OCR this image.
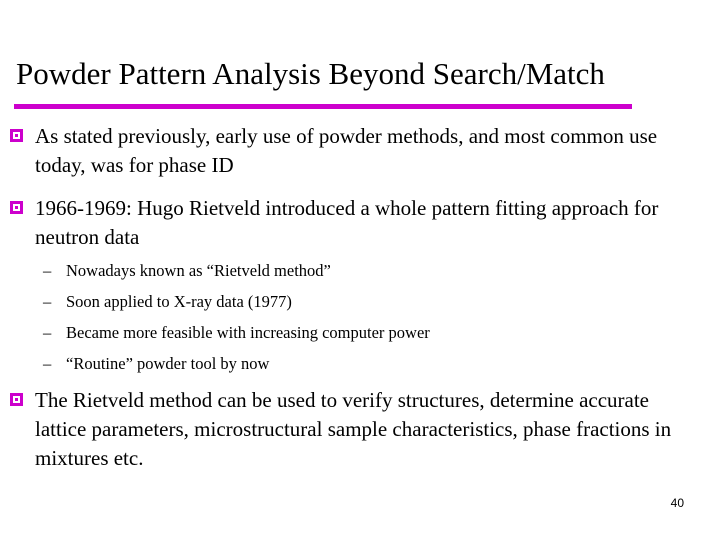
Powder Pattern Analysis Beyond Search/Match
As stated previously, early use of powder methods, and most common use today, was for phase ID
1966-1969: Hugo Rietveld introduced a whole pattern fitting approach for neutron data
– Nowadays known as “Rietveld method”
– Soon applied to X-ray data (1977)
– Became more feasible with increasing computer power
– “Routine” powder tool by now
The Rietveld method can be used to verify structures, determine accurate lattice parameters, microstructural sample characteristics, phase fractions in mixtures etc.
40
